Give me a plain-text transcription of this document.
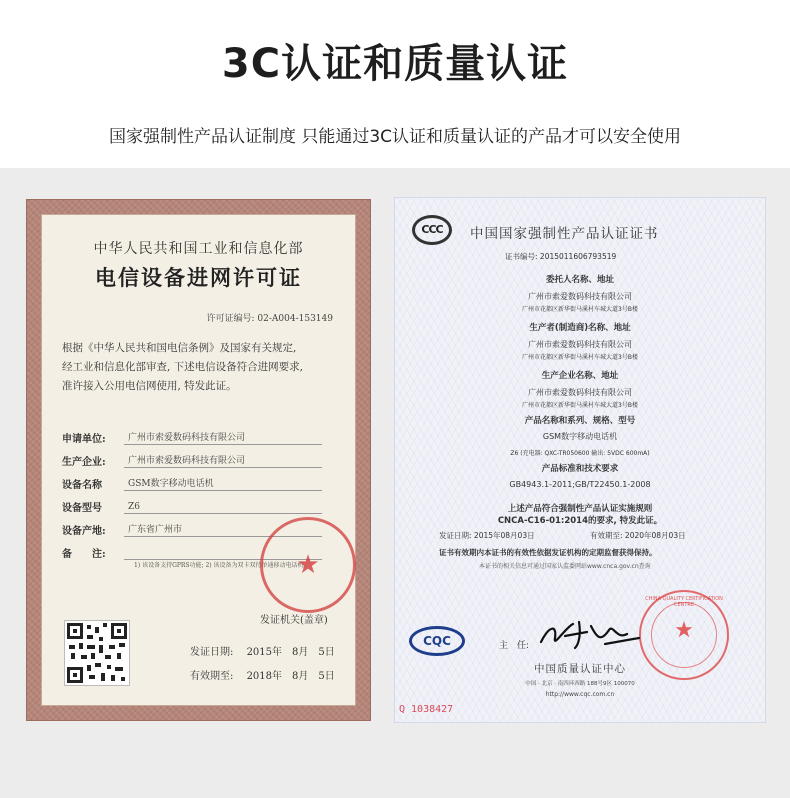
3C认证和质量认证
国家强制性产品认证制度 只能通过3C认证和质量认证的产品才可以安全使用
中华人民共和国工业和信息化部
电信设备进网许可证
许可证编号: 02-A004-153149
根据《中华人民共和国电信条例》及国家有关规定,
经工业和信息化部审查, 下述电信设备符合进网要求,
准许接入公用电信网使用, 特发此证。
申请单位:	广州市索爱数码科技有限公司
生产企业:	广州市索爱数码科技有限公司
设备名称	GSM数字移动电话机
设备型号	Z6
设备产地:	广东省广州市
备　　注:
1) 该设备支持GPRS功能; 2) 该设备为双卡双待单通移动电话机。
★
发证机关(盖章)
发证日期: 2015年　8月　5日
有效期至: 2018年　8月　5日
CCC	中国国家强制性产品认证证书
证书编号: 2015011606793519
委托人名称、地址
广州市索爱数码科技有限公司
广州市花都区新华街马溪村车城大道3号B楼
生产者(制造商)名称、地址
广州市索爱数码科技有限公司
广州市花都区新华街马溪村车城大道3号B楼
生产企业名称、地址
广州市索爱数码科技有限公司
广州市花都区新华街马溪村车城大道3号B楼
产品名称和系列、规格、型号
GSM数字移动电话机
Z6 (充电器: QXC-TR050600 输出: 5VDC 600mA)
产品标准和技术要求
GB4943.1-2011;GB/T22450.1-2008
上述产品符合强制性产品认证实施规则
CNCA-C16-01:2014的要求, 特发此证。
发证日期: 2015年08月03日	有效期至: 2020年08月03日
证书有效期内本证书的有效性依据发证机构的定期监督获得保持。
本证书的相关信息可通过国家认监委网站www.cnca.gov.cn查询
CHINA QUALITY CERTIFICATION CENTRE
★
CQC	主　任:
中国质量认证中心
中国 · 北京 · 南四环西路 188号9区 100070
http://www.cqc.com.cn
Q 1038427
